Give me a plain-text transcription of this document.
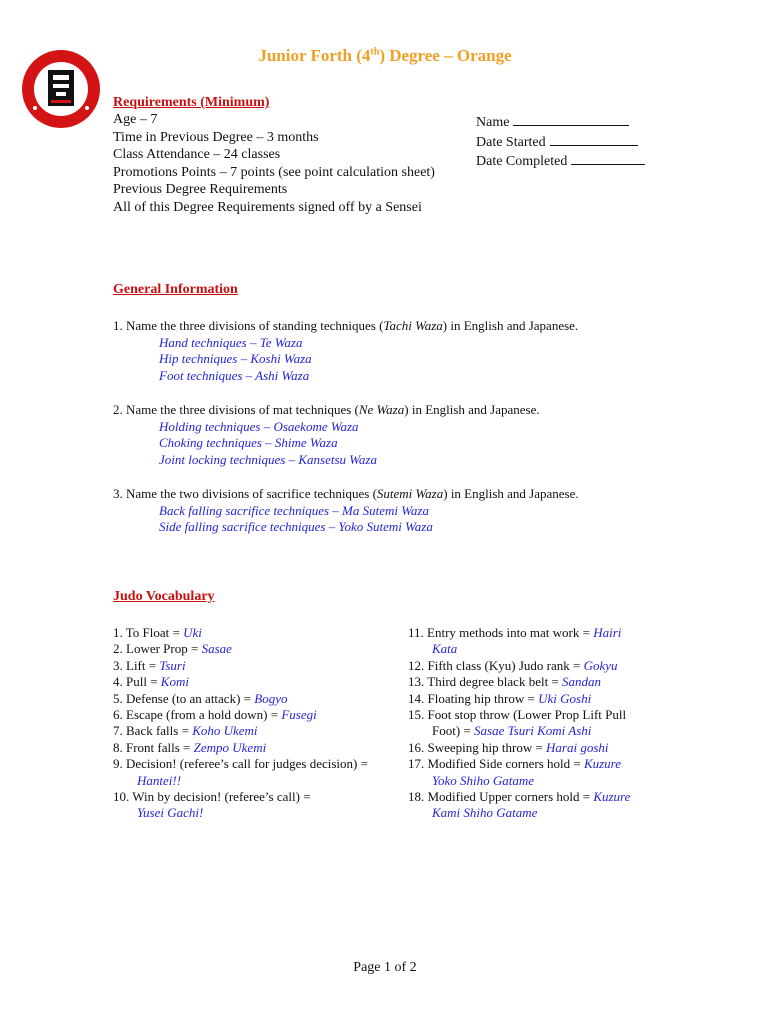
Junior Forth (4th) Degree – Orange
Requirements (Minimum)
Age – 7
Time in Previous Degree – 3 months
Class Attendance – 24 classes
Promotions Points – 7 points (see point calculation sheet)
Previous Degree Requirements
All of this Degree Requirements signed off by a Sensei
Name
Date Started
Date Completed
General Information
1. Name the three divisions of standing techniques (Tachi Waza) in English and Japanese.
Hand techniques – Te Waza
Hip techniques – Koshi Waza
Foot techniques – Ashi Waza
2. Name the three divisions of mat techniques (Ne Waza) in English and Japanese.
Holding techniques – Osaekome Waza
Choking techniques – Shime Waza
Joint locking techniques – Kansetsu Waza
3. Name the two divisions of sacrifice techniques (Sutemi Waza) in English and Japanese.
Back falling sacrifice techniques – Ma Sutemi Waza
Side falling sacrifice techniques – Yoko Sutemi Waza
Judo Vocabulary
1. To Float = Uki
2. Lower Prop = Sasae
3. Lift = Tsuri
4. Pull = Komi
5. Defense (to an attack) = Bogyo
6. Escape (from a hold down) = Fusegi
7. Back falls = Koho Ukemi
8. Front falls = Zempo Ukemi
9. Decision! (referee’s call for judges decision) =
Hantei!!
10. Win by decision! (referee’s call) =
Yusei Gachi!
11. Entry methods into mat work = Hairi
Kata
12. Fifth class (Kyu) Judo rank = Gokyu
13. Third degree black belt = Sandan
14. Floating hip throw = Uki Goshi
15. Foot stop throw (Lower Prop Lift Pull
Foot) = Sasae Tsuri Komi Ashi
16. Sweeping hip throw = Harai goshi
17. Modified Side corners hold = Kuzure
Yoko Shiho Gatame
18. Modified Upper corners hold = Kuzure
Kami Shiho Gatame
Page 1 of 2
